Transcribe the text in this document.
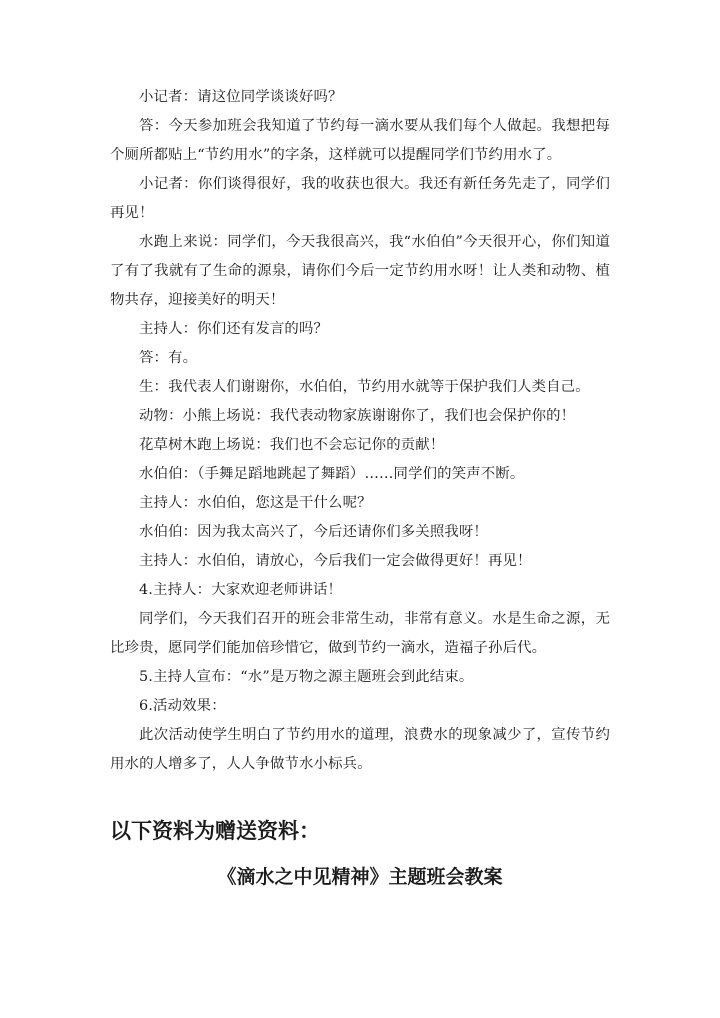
小记者：请这位同学谈谈好吗？

答：今天参加班会我知道了节约每一滴水要从我们每个人做起。我想把每个厕所都贴上“节约用水”的字条，这样就可以提醒同学们节约用水了。

小记者：你们谈得很好，我的收获也很大。我还有新任务先走了，同学们再见！

水跑上来说：同学们，今天我很高兴，我“水伯伯”今天很开心，你们知道了有了我就有了生命的源泉，请你们今后一定节约用水呀！让人类和动物、植物共存，迎接美好的明天！

主持人：你们还有发言的吗？

答：有。

生：我代表人们谢谢你，水伯伯，节约用水就等于保护我们人类自己。

动物：小熊上场说：我代表动物家族谢谢你了，我们也会保护你的！

花草树木跑上场说：我们也不会忘记你的贡献！

水伯伯：（手舞足蹈地跳起了舞蹈）……同学们的笑声不断。

主持人：水伯伯，您这是干什么呢？

水伯伯：因为我太高兴了，今后还请你们多关照我呀！

主持人：水伯伯，请放心，今后我们一定会做得更好！再见！

4.主持人：大家欢迎老师讲话！

同学们，今天我们召开的班会非常生动，非常有意义。水是生命之源，无比珍贵，愿同学们能加倍珍惜它，做到节约一滴水，造福子孙后代。

5.主持人宣布：“水”是万物之源主题班会到此结束。

6.活动效果：

此次活动使学生明白了节约用水的道理，浪费水的现象减少了，宣传节约用水的人增多了，人人争做节水小标兵。

以下资料为赠送资料：
《滴水之中见精神》主题班会教案
